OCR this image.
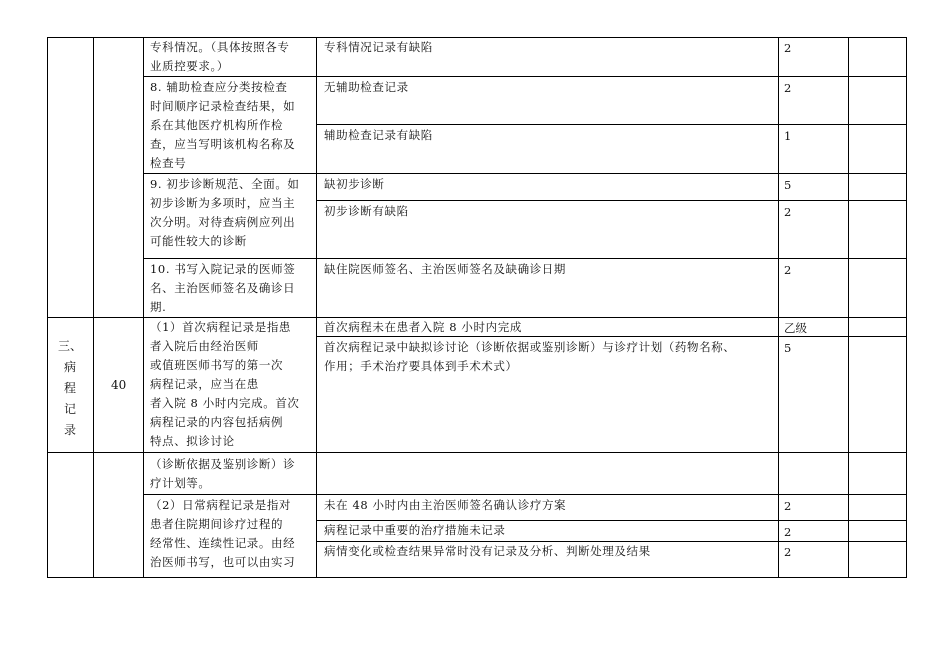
专科情况。（具体按照各专
业质控要求。）
8. 辅助检查应分类按检查
时间顺序记录检查结果，如
系在其他医疗机构所作检
查，应当写明该机构名称及
检查号
9. 初步诊断规范、全面。如
初步诊断为多项时，应当主
次分明。对待查病例应列出
可能性较大的诊断
10. 书写入院记录的医师签
名、主治医师签名及确诊日
期.
（1）首次病程记录是指患
者入院后由经治医师
或值班医师书写的第一次
病程记录，应当在患
者入院 8 小时内完成。首次
病程记录的内容包括病例
特点、拟诊讨论
（诊断依据及鉴别诊断）诊
疗计划等。
（2）日常病程记录是指对
患者住院期间诊疗过程的
经常性、连续性记录。由经
治医师书写，也可以由实习
专科情况记录有缺陷
无辅助检查记录
辅助检查记录有缺陷
缺初步诊断
初步诊断有缺陷
缺住院医师签名、主治医师签名及缺确诊日期
首次病程未在患者入院 8 小时内完成
首次病程记录中缺拟诊讨论（诊断依据或鉴别诊断）与诊疗计划（药物名称、
作用；手术治疗要具体到手术术式）
未在 48 小时内由主治医师签名确认诊疗方案
病程记录中重要的治疗措施未记录
病情变化或检查结果异常时没有记录及分析、判断处理及结果
2
2
1
5
2
2
乙级
5
2
2
2
三、
病
程
记
录
40
